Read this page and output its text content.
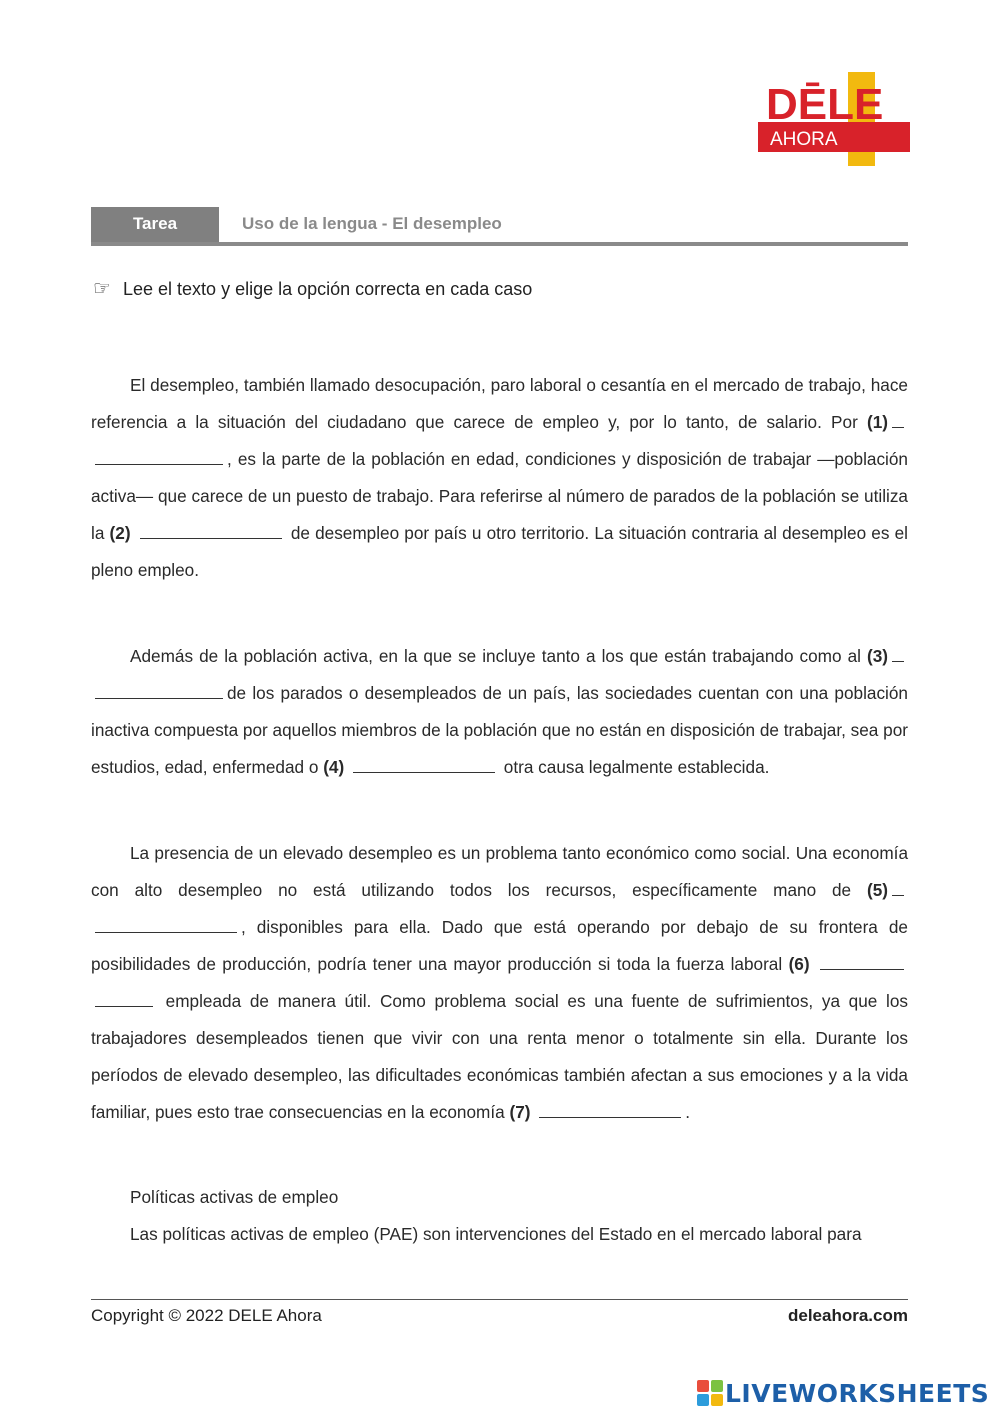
DĒLE
AHORA
Tarea	Uso de la lengua - El desempleo
☞ Lee el texto y elige la opción correcta en cada caso

El desempleo, también llamado desocupación, paro laboral o cesantía en el mercado de trabajo, hace referencia a la situación del ciudadano que carece de empleo y, por lo tanto, de salario. Por (1) , es la parte de la población en edad, condiciones y disposición de trabajar —población activa— que carece de un puesto de trabajo. Para referirse al número de parados de la población se utiliza la (2)	de desempleo por país u otro territorio. La situación contraria al desempleo es el pleno empleo.

Además de la población activa, en la que se incluye tanto a los que están trabajando como al (3) de los parados o desempleados de un país, las sociedades cuentan con una población inactiva compuesta por aquellos miembros de la población que no están en disposición de trabajar, sea por estudios, edad, enfermedad o (4)	otra causa legalmente establecida.

La presencia de un elevado desempleo es un problema tanto económico como social. Una economía con alto desempleo no está utilizando todos los recursos, específicamente mano de (5) , disponibles para ella. Dado que está operando por debajo de su frontera de posibilidades de producción, podría tener una mayor producción si toda la fuerza laboral (6)   empleada de manera útil. Como problema social es una fuente de sufrimientos, ya que los trabajadores desempleados tienen que vivir con una renta menor o totalmente sin ella. Durante los períodos de elevado desempleo, las dificultades económicas también afectan a sus emociones y a la vida familiar, pues esto trae consecuencias en la economía (7)	.

Políticas activas de empleo
Las políticas activas de empleo (PAE) son intervenciones del Estado en el mercado laboral para
Copyright © 2022 DELE Ahora	deleahora.com
LIVEWORKSHEETS
